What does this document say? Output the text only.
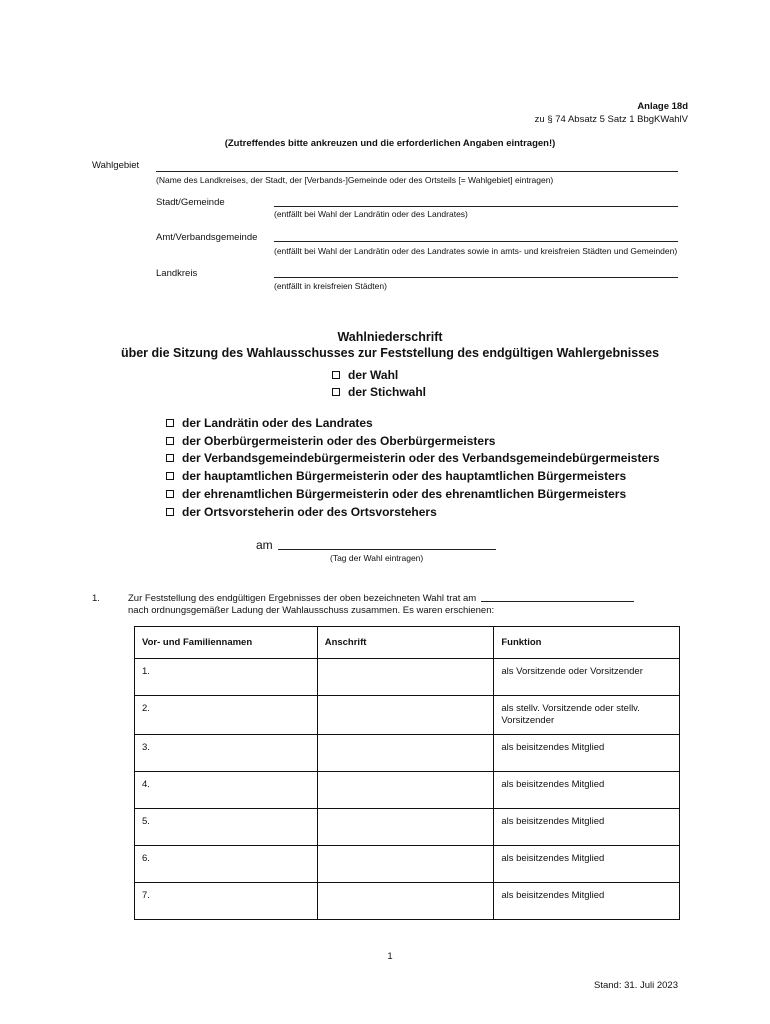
Anlage 18d
zu § 74 Absatz 5 Satz 1 BbgKWahlV
(Zutreffendes bitte ankreuzen und die erforderlichen Angaben eintragen!)
Wahlgebiet
(Name des Landkreises, der Stadt, der [Verbands-]Gemeinde oder des Ortsteils [= Wahlgebiet] eintragen)
Stadt/Gemeinde
(entfällt bei Wahl der Landrätin oder des Landrates)
Amt/Verbandsgemeinde
(entfällt bei Wahl der Landrätin oder des Landrates sowie in amts- und kreisfreien Städten und Gemeinden)
Landkreis
(entfällt in kreisfreien Städten)
Wahlniederschrift
über die Sitzung des Wahlausschusses zur Feststellung des endgültigen Wahlergebnisses
der Wahl
der Stichwahl
der Landrätin oder des Landrates
der Oberbürgermeisterin oder des Oberbürgermeisters
der Verbandsgemeindebürgermeisterin oder des Verbandsgemeindebürgermeisters
der hauptamtlichen Bürgermeisterin oder des hauptamtlichen Bürgermeisters
der ehrenamtlichen Bürgermeisterin oder des ehrenamtlichen Bürgermeisters
der Ortsvorsteherin oder des Ortsvorstehers
am
(Tag der Wahl eintragen)
1.	Zur Feststellung des endgültigen Ergebnisses der oben bezeichneten Wahl trat am
nach ordnungsgemäßer Ladung der Wahlausschuss zusammen. Es waren erschienen:
Vor- und Familiennamen	Anschrift	Funktion
1.		als Vorsitzende oder Vorsitzender
2.		als stellv. Vorsitzende oder stellv. Vorsitzender
3.		als beisitzendes Mitglied
4.		als beisitzendes Mitglied
5.		als beisitzendes Mitglied
6.		als beisitzendes Mitglied
7.		als beisitzendes Mitglied
1
Stand: 31. Juli 2023
